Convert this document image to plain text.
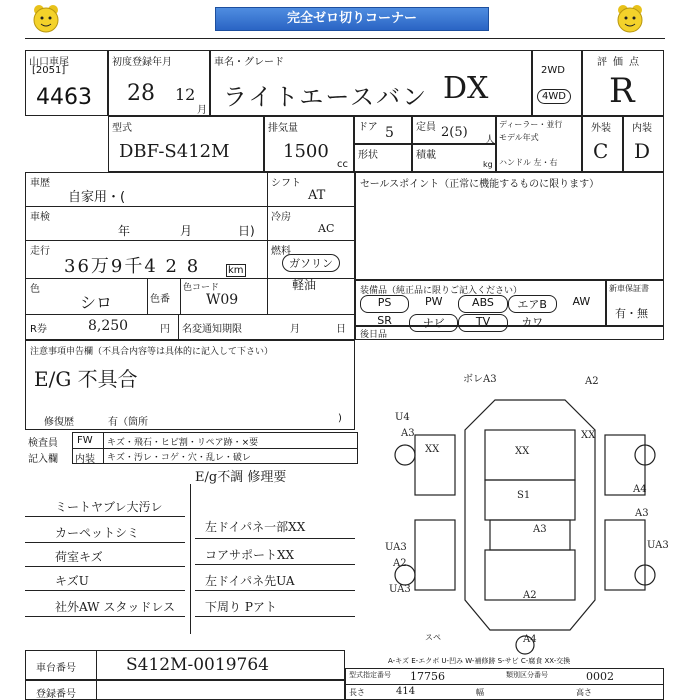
完全ゼロ切りコーナー
山口車尾
[2051]
4463
初度登録年月
28 12
月
車名・グレード
ライトエースバン DX
2WD
4WD
評価点
R
型式
DBF-S412M
排気量
1500
cc
ドア 5 定員 2(5)
人
ディーラー・並行
モデル年式
ハンドル 左・右
形状	積載
kg
外装
C
内装
D
車歴
自家用・(
車検
年	月	日)
走行
36万9千4 2 8	km
色
シロ	色番
色コード
W09
R券	8,250	円 名変通知期限	月	日
シフト
AT
冷房
AC
燃料
ガソリン
軽油
セールスポイント（正常に機能するものに限ります）
装備品（純正品に限りご記入ください）
PS	PW	ABS	エアB	AW
SR	ナビ	TV	カワ
新車保証書
有・無
後日品
注意事項申告欄（不具合内容等は具体的に記入して下さい）
E/G 不具合
修復歴	有（箇所	)
検査員
記入欄
FW キズ・飛石・ヒビ割・リペア跡・×要
内装 キズ・汚レ・コゲ・穴・乱レ・破レ
E/g不調 修理要
ミートヤブレ大汚レ
カーペットシミ
荷室キズ
キズU
社外AW スタッドレス
左ドイパネ一部XX
コアサポートXX
左ドイパネ先UA
下周り Pアト
ボレA3	A2
U4
A3
XX	XX
XX
S1
A3
A4
A3
UA3
UA3
A2
UA3
A2
A4
スペ
A-キズ E-エクボ U-凹み W-補修跡 S-サビ C-腐食 XX-交換
車台番号	S412M-0019764
登録番号
型式指定番号 17756	類別区分番号	0002
長さ	414	幅	高さ
